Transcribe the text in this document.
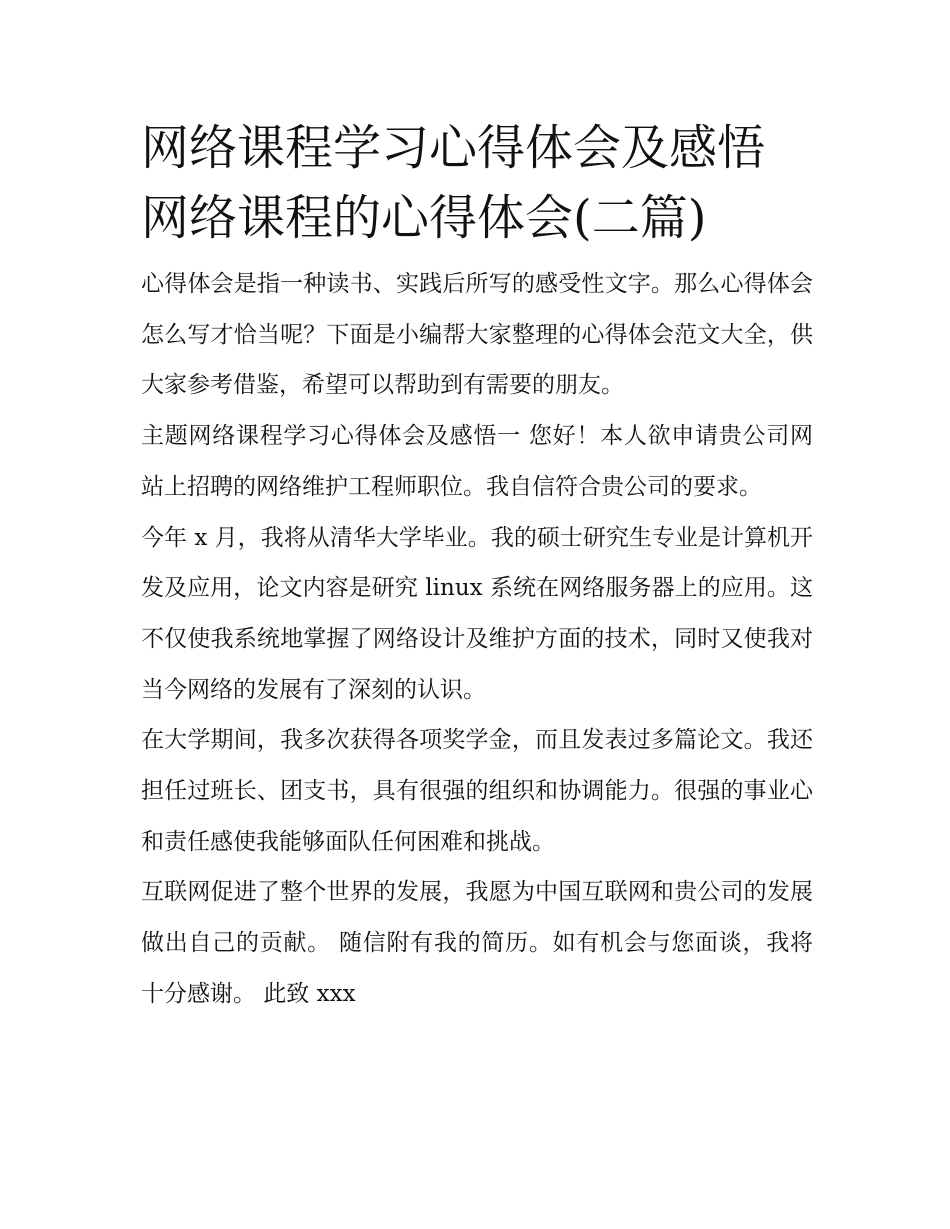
网络课程学习心得体会及感悟
网络课程的心得体会(二篇)

心得体会是指一种读书、实践后所写的感受性文字。那么心得体会怎么写才恰当呢？下面是小编帮大家整理的心得体会范文大全，供大家参考借鉴，希望可以帮助到有需要的朋友。

主题网络课程学习心得体会及感悟一 您好！本人欲申请贵公司网站上招聘的网络维护工程师职位。我自信符合贵公司的要求。

今年 x 月，我将从清华大学毕业。我的硕士研究生专业是计算机开发及应用，论文内容是研究 linux 系统在网络服务器上的应用。这不仅使我系统地掌握了网络设计及维护方面的技术，同时又使我对当今网络的发展有了深刻的认识。

在大学期间，我多次获得各项奖学金，而且发表过多篇论文。我还担任过班长、团支书，具有很强的组织和协调能力。很强的事业心和责任感使我能够面队任何困难和挑战。

互联网促进了整个世界的发展，我愿为中国互联网和贵公司的发展做出自己的贡献。 随信附有我的简历。如有机会与您面谈，我将十分感谢。 此致 xxx
